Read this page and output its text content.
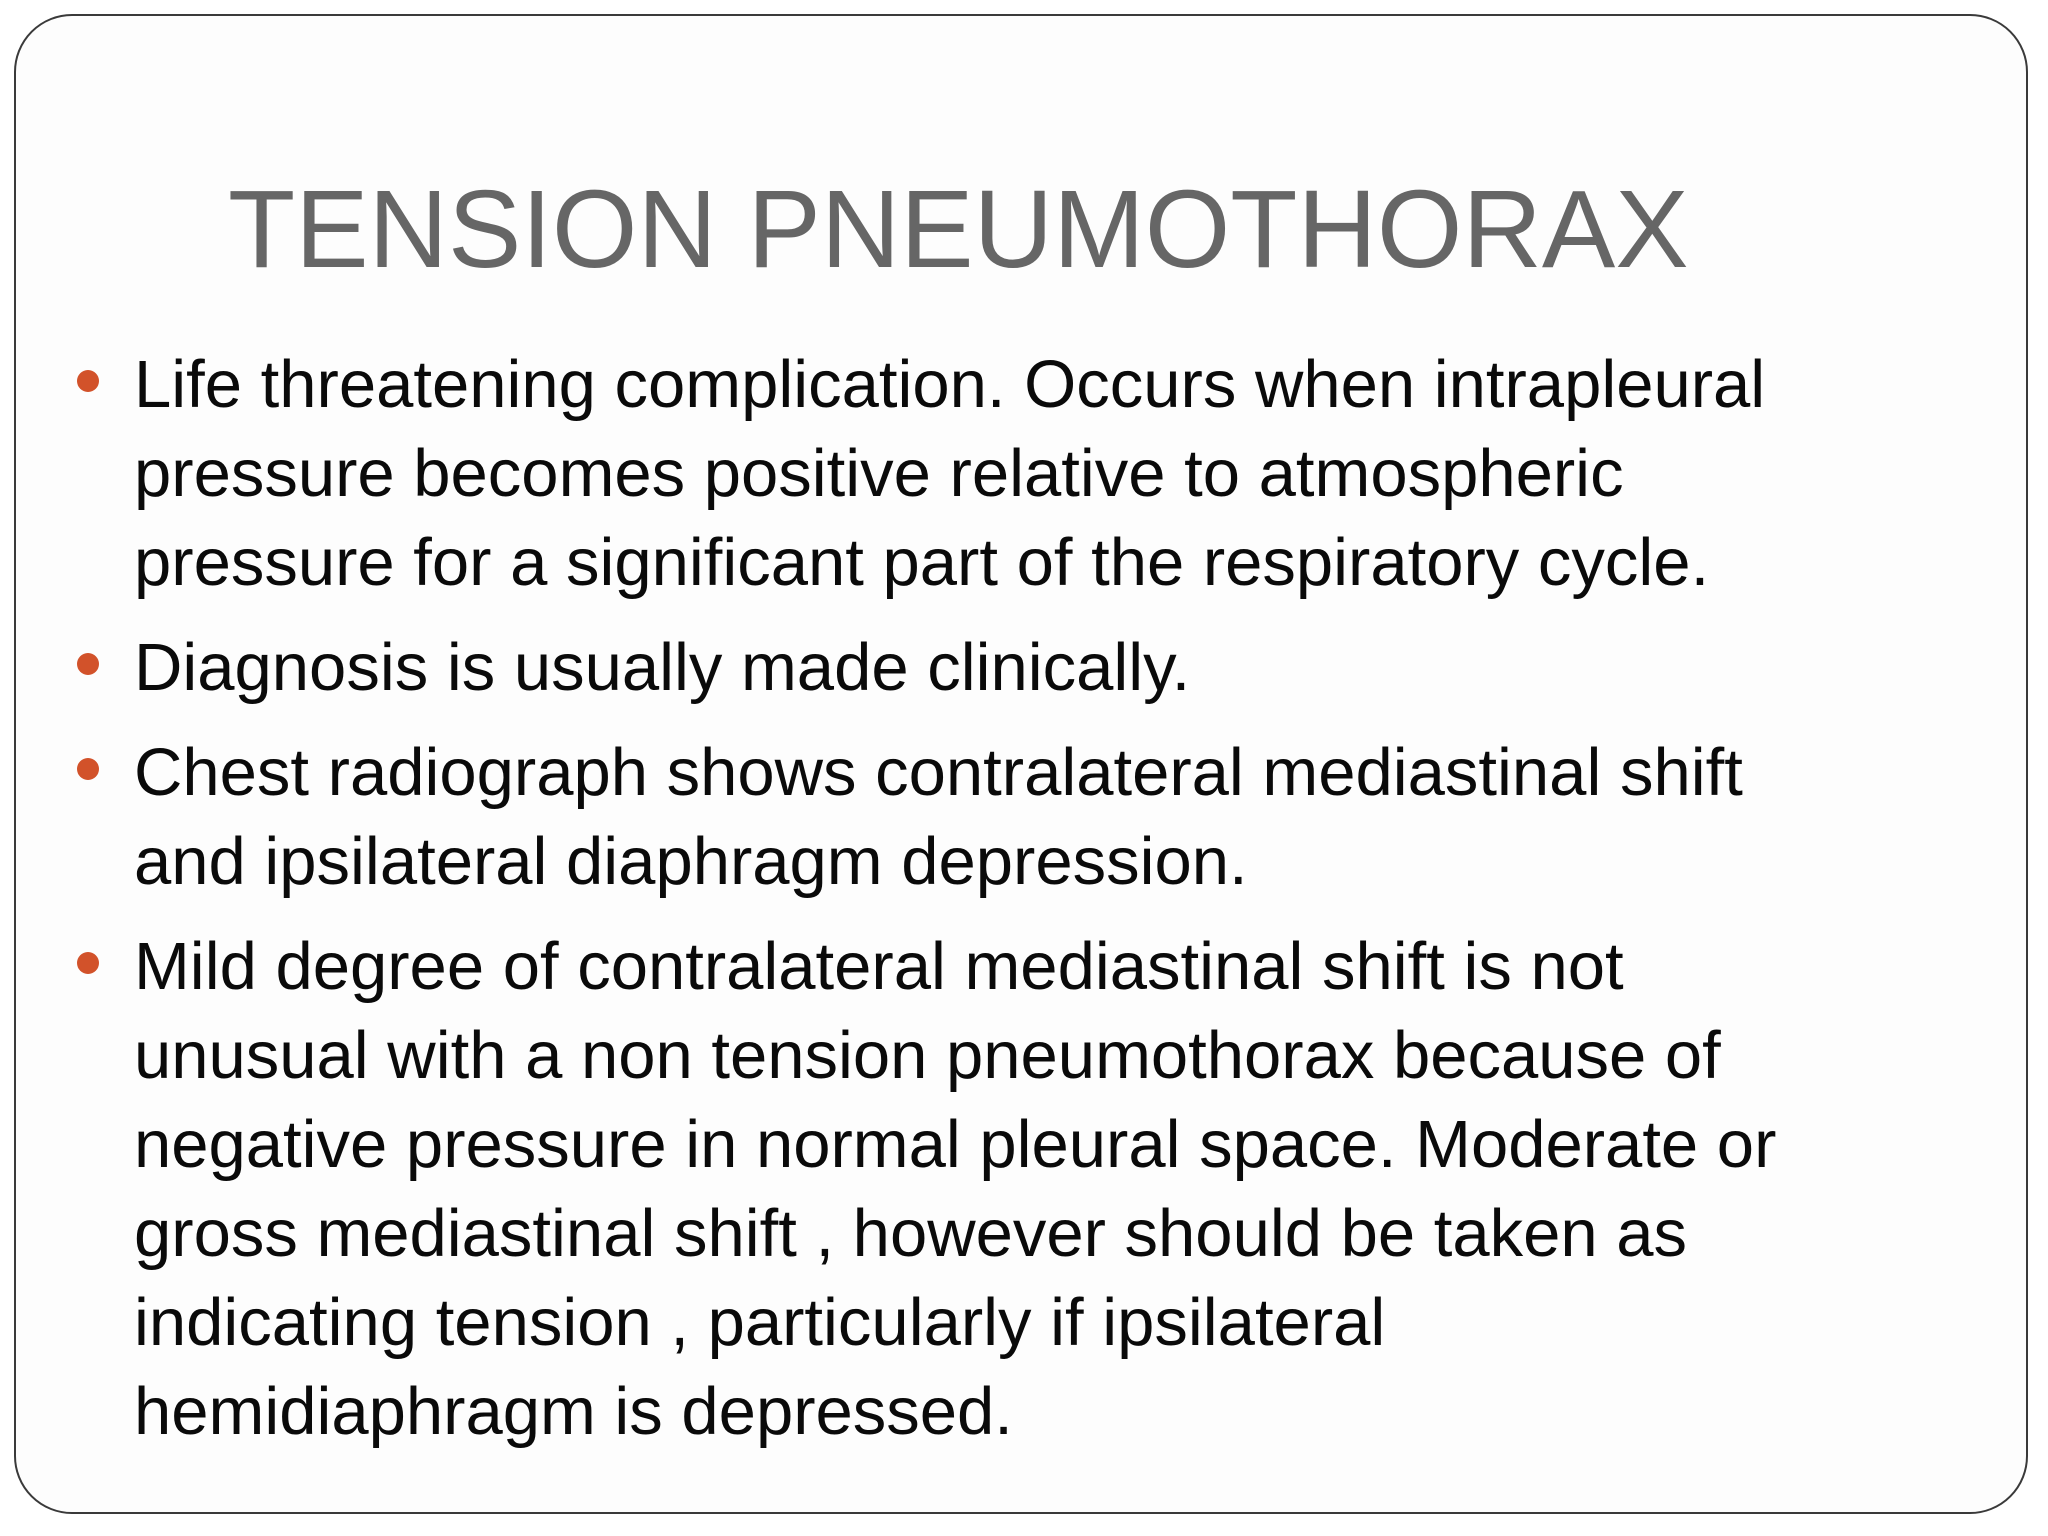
TENSION PNEUMOTHORAX
Life threatening complication. Occurs when intrapleural
pressure becomes positive relative to atmospheric
pressure for a significant part of the respiratory cycle.
Diagnosis is usually made clinically.
Chest radiograph shows contralateral mediastinal shift
and ipsilateral diaphragm depression.
Mild degree of contralateral mediastinal shift is not
unusual with a non tension pneumothorax because of
negative pressure in normal pleural space. Moderate or
gross mediastinal shift , however should be taken as
indicating tension , particularly if ipsilateral
hemidiaphragm is depressed.
